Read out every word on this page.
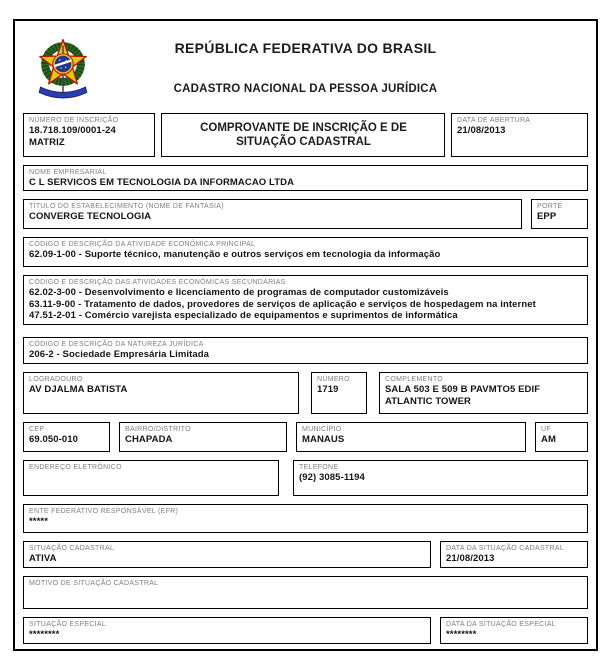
REPÚBLICA FEDERATIVA DO BRASIL
CADASTRO NACIONAL DA PESSOA JURÍDICA
NÚMERO DE INSCRIÇÃO
18.718.109/0001-24
MATRIZ
COMPROVANTE DE INSCRIÇÃO E DE SITUAÇÃO CADASTRAL
DATA DE ABERTURA
21/08/2013
NOME EMPRESARIAL
C L SERVICOS EM TECNOLOGIA DA INFORMACAO LTDA
TÍTULO DO ESTABELECIMENTO (NOME DE FANTASIA)
CONVERGE TECNOLOGIA
PORTE
EPP
CÓDIGO E DESCRIÇÃO DA ATIVIDADE ECONÔMICA PRINCIPAL
62.09-1-00 - Suporte técnico, manutenção e outros serviços em tecnologia da informação
CÓDIGO E DESCRIÇÃO DAS ATIVIDADES ECONÔMICAS SECUNDÁRIAS
62.02-3-00 - Desenvolvimento e licenciamento de programas de computador customizáveis
63.11-9-00 - Tratamento de dados, provedores de serviços de aplicação e serviços de hospedagem na internet
47.51-2-01 - Comércio varejista especializado de equipamentos e suprimentos de informática
CÓDIGO E DESCRIÇÃO DA NATUREZA JURÍDICA
206-2 - Sociedade Empresária Limitada
LOGRADOURO
AV DJALMA BATISTA
NÚMERO
1719
COMPLEMENTO
SALA 503 E 509 B PAVMTO5 EDIF ATLANTIC TOWER
CEP
69.050-010
BAIRRO/DISTRITO
CHAPADA
MUNICÍPIO
MANAUS
UF
AM
ENDEREÇO ELETRÔNICO	TELEFONE
(92) 3085-1194
ENTE FEDERATIVO RESPONSÁVEL (EFR)
*****
SITUAÇÃO CADASTRAL
ATIVA
DATA DA SITUAÇÃO CADASTRAL
21/08/2013
MOTIVO DE SITUAÇÃO CADASTRAL
SITUAÇÃO ESPECIAL
********
DATA DA SITUAÇÃO ESPECIAL
********
